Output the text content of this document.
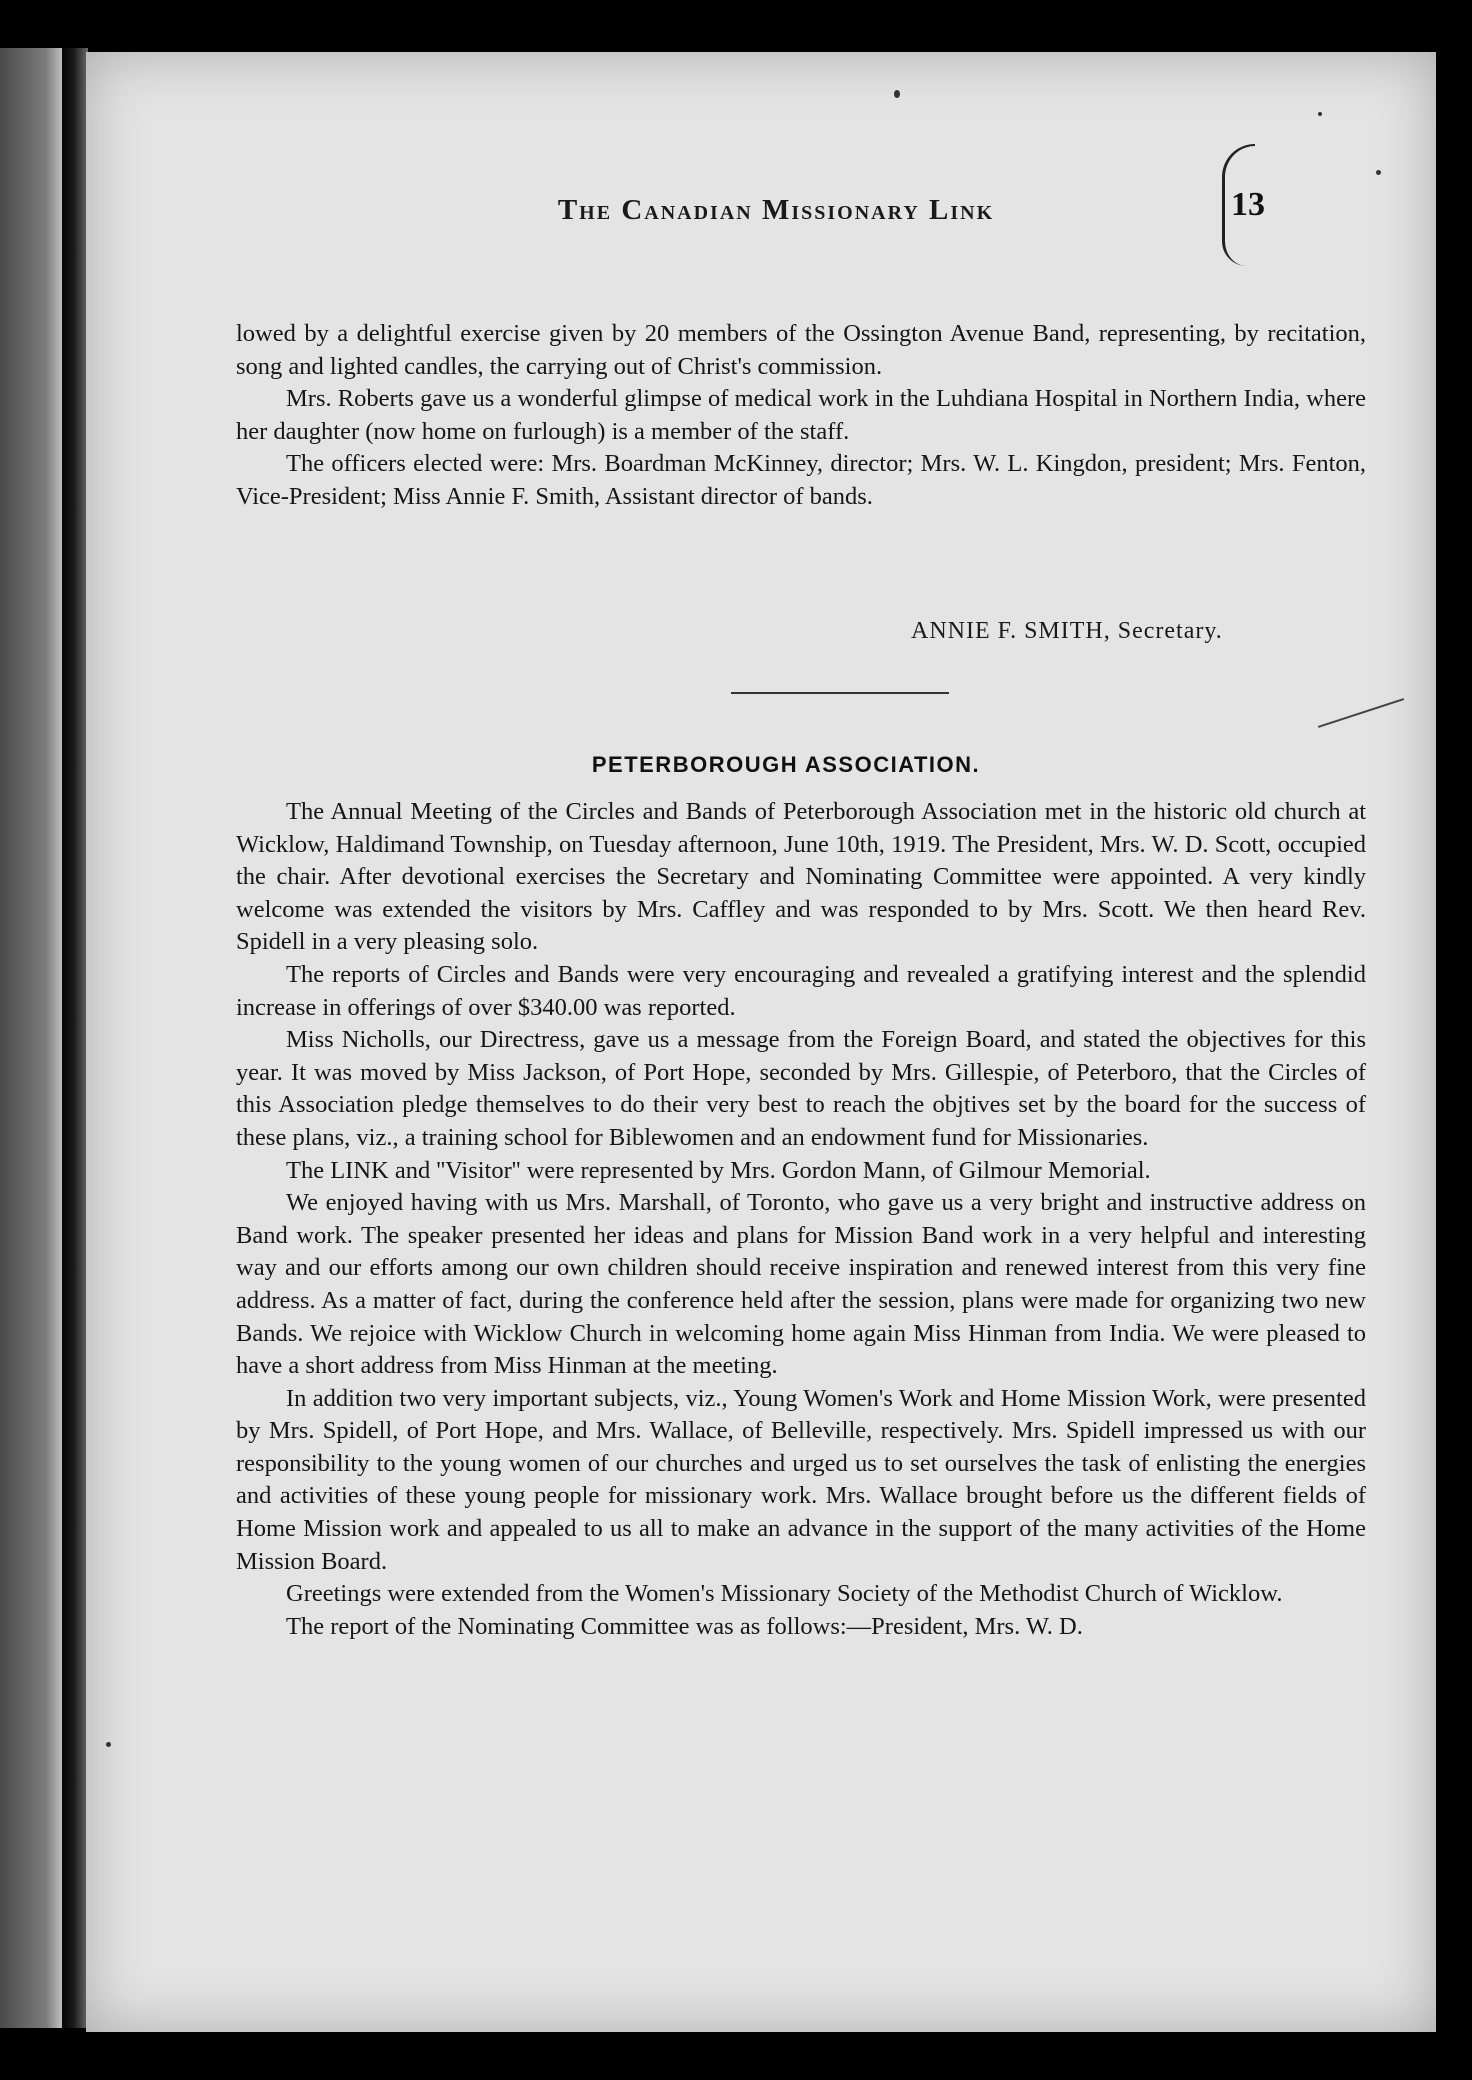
The Canadian Missionary Link	13

lowed by a delightful exercise given by 20 members of the Ossington Avenue Band, representing, by recitation, song and lighted candles, the carrying out of Christ's commission.

Mrs. Roberts gave us a wonderful glimpse of medical work in the Luhdiana Hospital in Northern India, where her daughter (now home on furlough) is a member of the staff.

The officers elected were: Mrs. Boardman McKinney, director; Mrs. W. L. Kingdon, president; Mrs. Fenton, Vice-President; Miss Annie F. Smith, Assistant director of bands.

ANNIE F. SMITH, Secretary.
PETERBOROUGH ASSOCIATION.

The Annual Meeting of the Circles and Bands of Peterborough Association met in the historic old church at Wicklow, Haldimand Township, on Tuesday afternoon, June 10th, 1919. The President, Mrs. W. D. Scott, occupied the chair. After devotional exercises the Secretary and Nominating Committee were appointed. A very kindly welcome was extended the visitors by Mrs. Caffley and was responded to by Mrs. Scott. We then heard Rev. Spidell in a very pleasing solo.

The reports of Circles and Bands were very encouraging and revealed a gratifying interest and the splendid increase in offerings of over $340.00 was reported.

Miss Nicholls, our Directress, gave us a message from the Foreign Board, and stated the objectives for this year. It was moved by Miss Jackson, of Port Hope, seconded by Mrs. Gillespie, of Peterboro, that the Circles of this Association pledge themselves to do their very best to reach the objtives set by the board for the success of these plans, viz., a training school for Biblewomen and an endowment fund for Missionaries.

The LINK and ''Visitor'' were represented by Mrs. Gordon Mann, of Gilmour Memorial.

We enjoyed having with us Mrs. Marshall, of Toronto, who gave us a very bright and instructive address on Band work. The speaker presented her ideas and plans for Mission Band work in a very helpful and interesting way and our efforts among our own children should receive inspiration and renewed interest from this very fine address. As a matter of fact, during the conference held after the session, plans were made for organizing two new Bands. We rejoice with Wicklow Church in welcoming home again Miss Hinman from India. We were pleased to have a short address from Miss Hinman at the meeting.

In addition two very important subjects, viz., Young Women's Work and Home Mission Work, were presented by Mrs. Spidell, of Port Hope, and Mrs. Wallace, of Belleville, respectively. Mrs. Spidell impressed us with our responsibility to the young women of our churches and urged us to set ourselves the task of enlisting the energies and activities of these young people for missionary work. Mrs. Wallace brought before us the different fields of Home Mission work and appealed to us all to make an advance in the support of the many activities of the Home Mission Board.

Greetings were extended from the Women's Missionary Society of the Methodist Church of Wicklow.

The report of the Nominating Committee was as follows:—President, Mrs. W. D.
